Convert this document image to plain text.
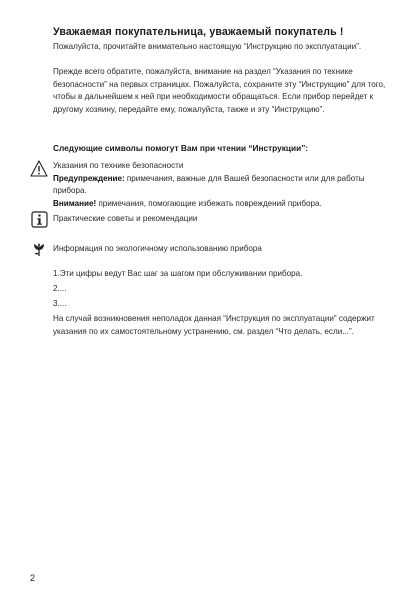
Уважаемая покупательница, уважаемый покупатель !

Пожалуйста, прочитайте внимательно настоящую “Инструкцию по эксплуатации”.

Прежде всего обратите, пожалуйста, внимание на раздел “Указания по технике безопасности” на первых страницах. Пожалуйста, сохраните эту “Инструкцию” для того, чтобы в дальнейшем к ней при необходимости обращаться. Если прибор перейдет к другому хозяину, передайте ему, пожалуйста, также и эту “Инструкцию”.

Следующие символы помогут Вам при чтении “Инструкции”:
Указания по технике безопасности
Предупреждение: примечания, важные для Вашей безопасности или для работы прибора.
Внимание! примечания, помогающие избежать повреждений прибора.
Практические советы и рекомендации
Информация по экологичному использованию прибора
1.Эти цифры ведут Вас шаг за шагом при обслуживании прибора.
2....
3....

На случай возникновения неполадок данная “Инструкция по эксплуатации” содержит указания по их самостоятельному устранению, см. раздел “Что делать, если...”.

2
